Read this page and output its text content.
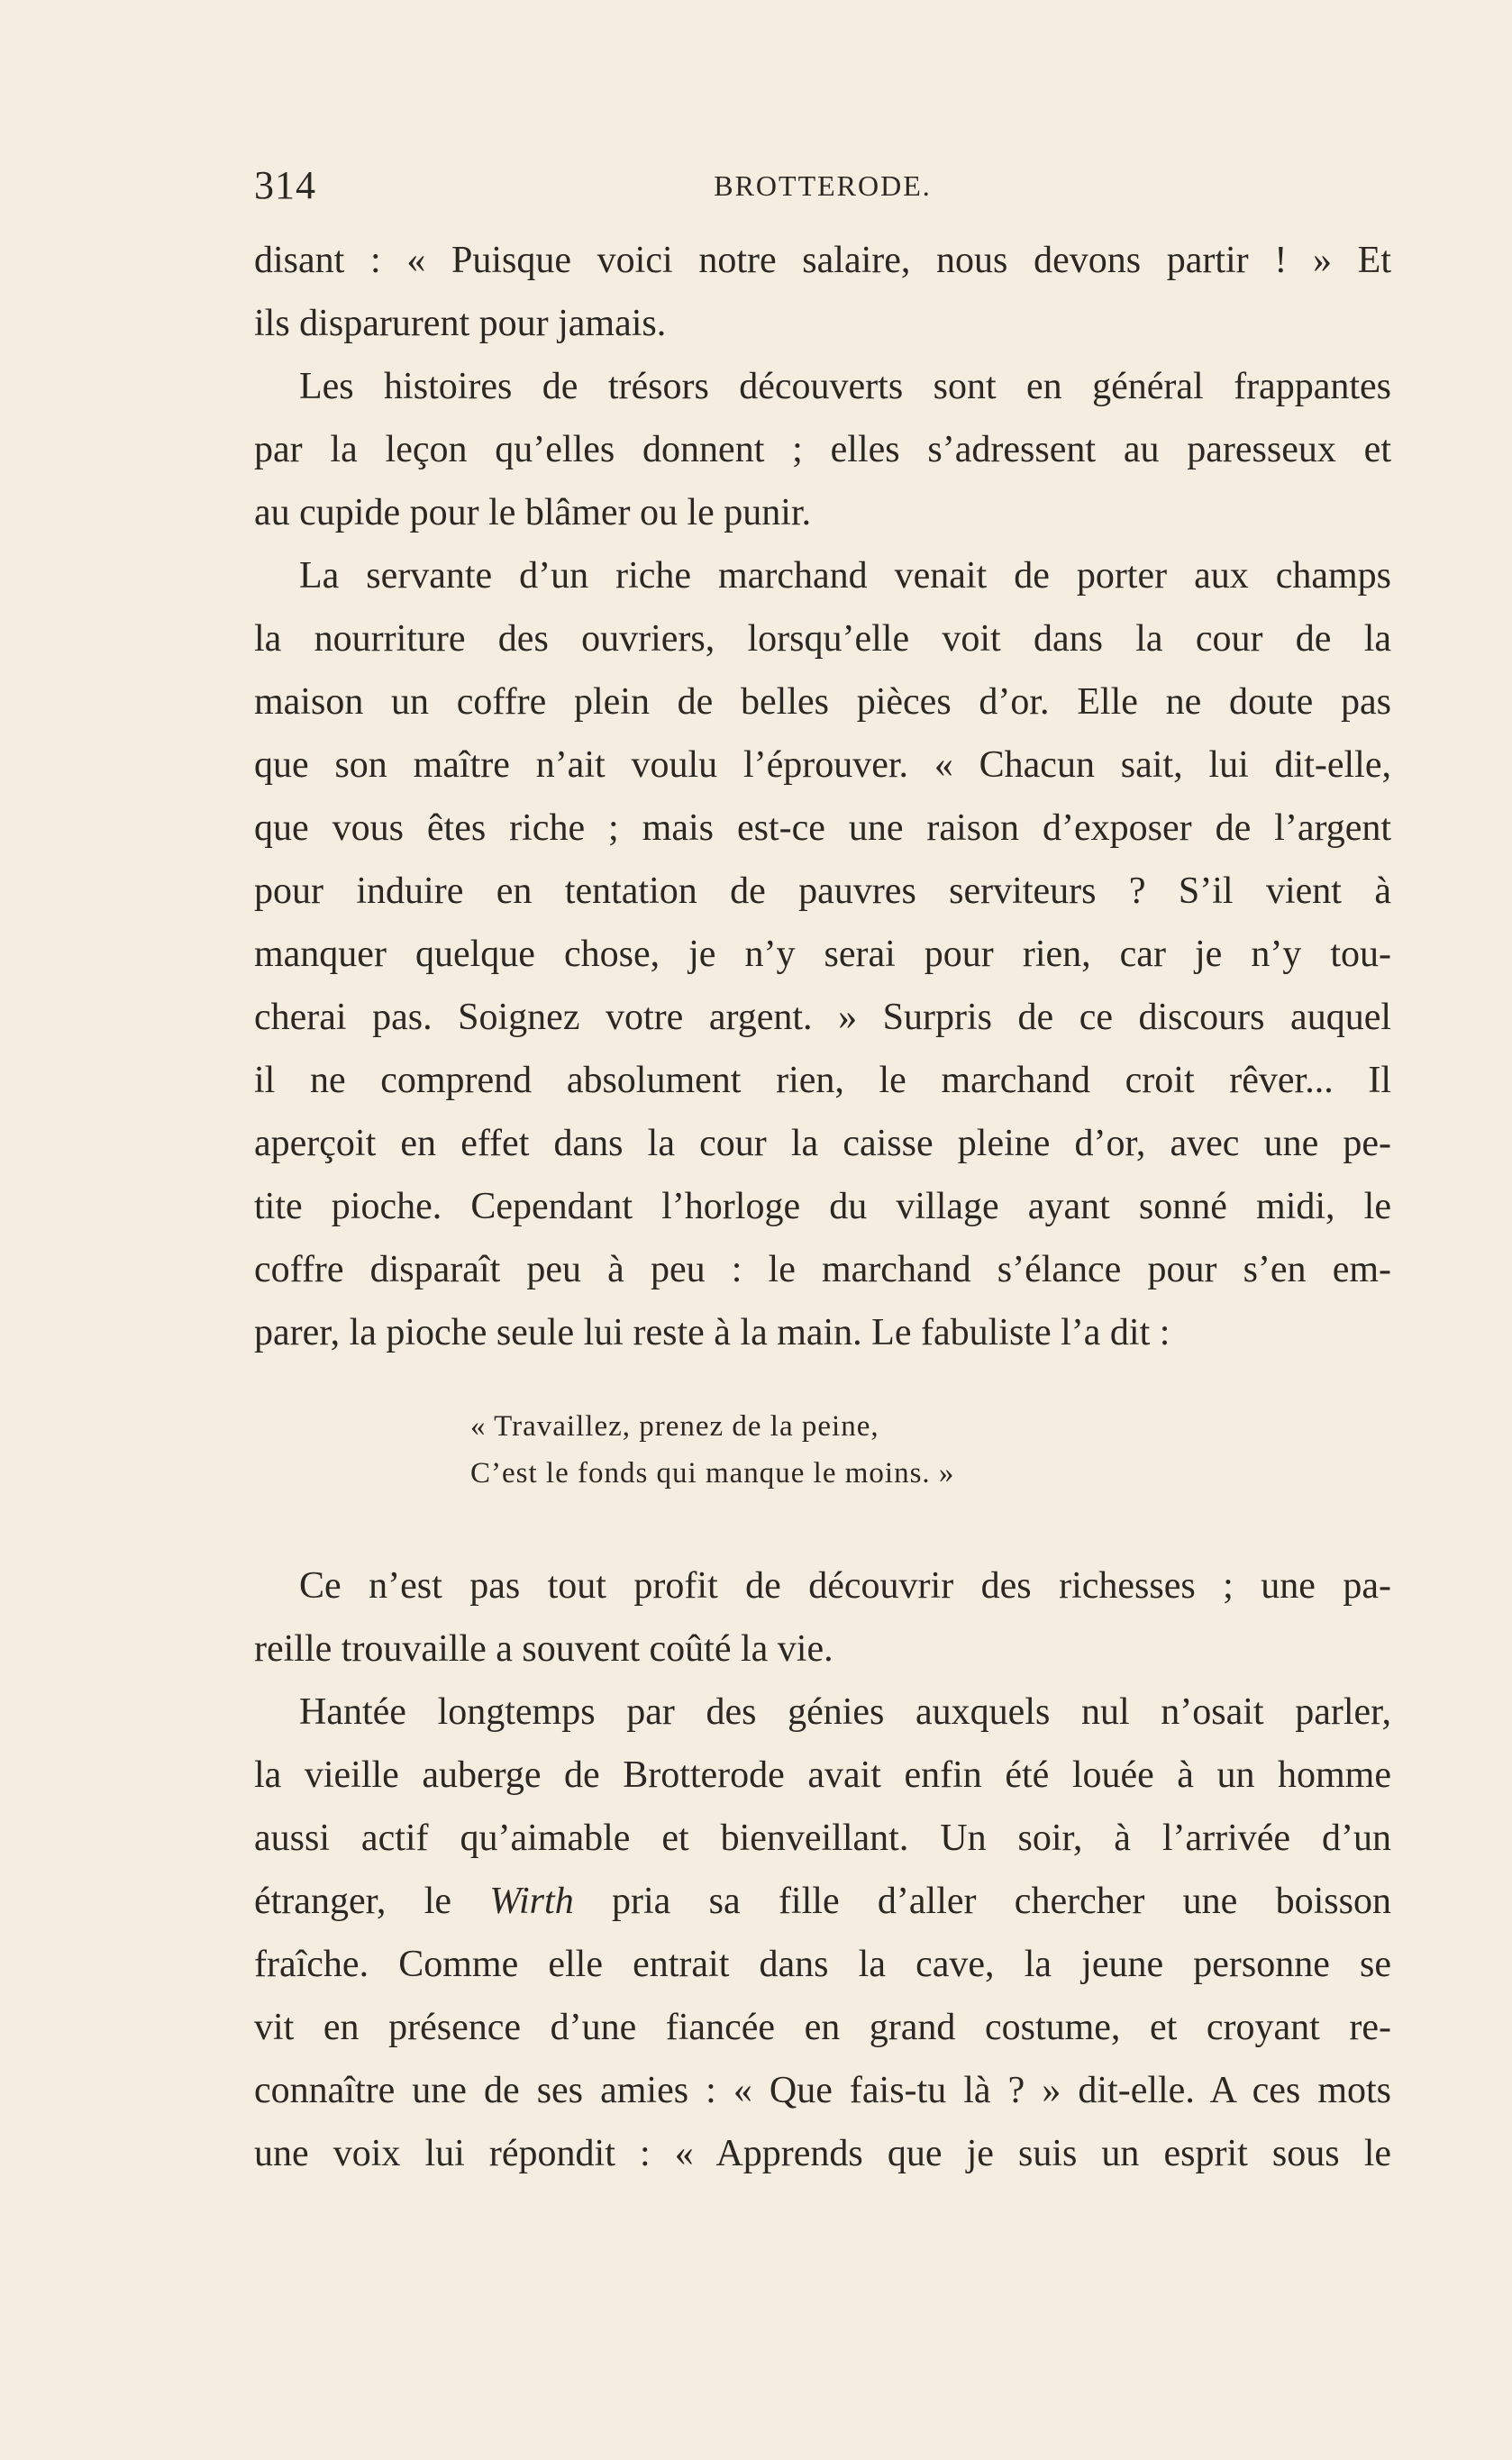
314	BROTTERODE.
disant : « Puisque voici notre salaire, nous devons partir ! » Et
ils disparurent pour jamais.
Les histoires de trésors découverts sont en général frappantes
par la leçon qu’elles donnent ; elles s’adressent au paresseux et
au cupide pour le blâmer ou le punir.
La servante d’un riche marchand venait de porter aux champs
la nourriture des ouvriers, lorsqu’elle voit dans la cour de la
maison un coffre plein de belles pièces d’or. Elle ne doute pas
que son maître n’ait voulu l’éprouver. « Chacun sait, lui dit-elle,
que vous êtes riche ; mais est-ce une raison d’exposer de l’argent
pour induire en tentation de pauvres serviteurs ? S’il vient à
manquer quelque chose, je n’y serai pour rien, car je n’y tou-
cherai pas. Soignez votre argent. » Surpris de ce discours auquel
il ne comprend absolument rien, le marchand croit rêver... Il
aperçoit en effet dans la cour la caisse pleine d’or, avec une pe-
tite pioche. Cependant l’horloge du village ayant sonné midi, le
coffre disparaît peu à peu : le marchand s’élance pour s’en em-
parer, la pioche seule lui reste à la main. Le fabuliste l’a dit :
« Travaillez, prenez de la peine,
C’est le fonds qui manque le moins. »
Ce n’est pas tout profit de découvrir des richesses ; une pa-
reille trouvaille a souvent coûté la vie.
Hantée longtemps par des génies auxquels nul n’osait parler,
la vieille auberge de Brotterode avait enfin été louée à un homme
aussi actif qu’aimable et bienveillant. Un soir, à l’arrivée d’un
étranger, le Wirth pria sa fille d’aller chercher une boisson
fraîche. Comme elle entrait dans la cave, la jeune personne se
vit en présence d’une fiancée en grand costume, et croyant re-
connaître une de ses amies : « Que fais-tu là ? » dit-elle. A ces mots
une voix lui répondit : « Apprends que je suis un esprit sous le
